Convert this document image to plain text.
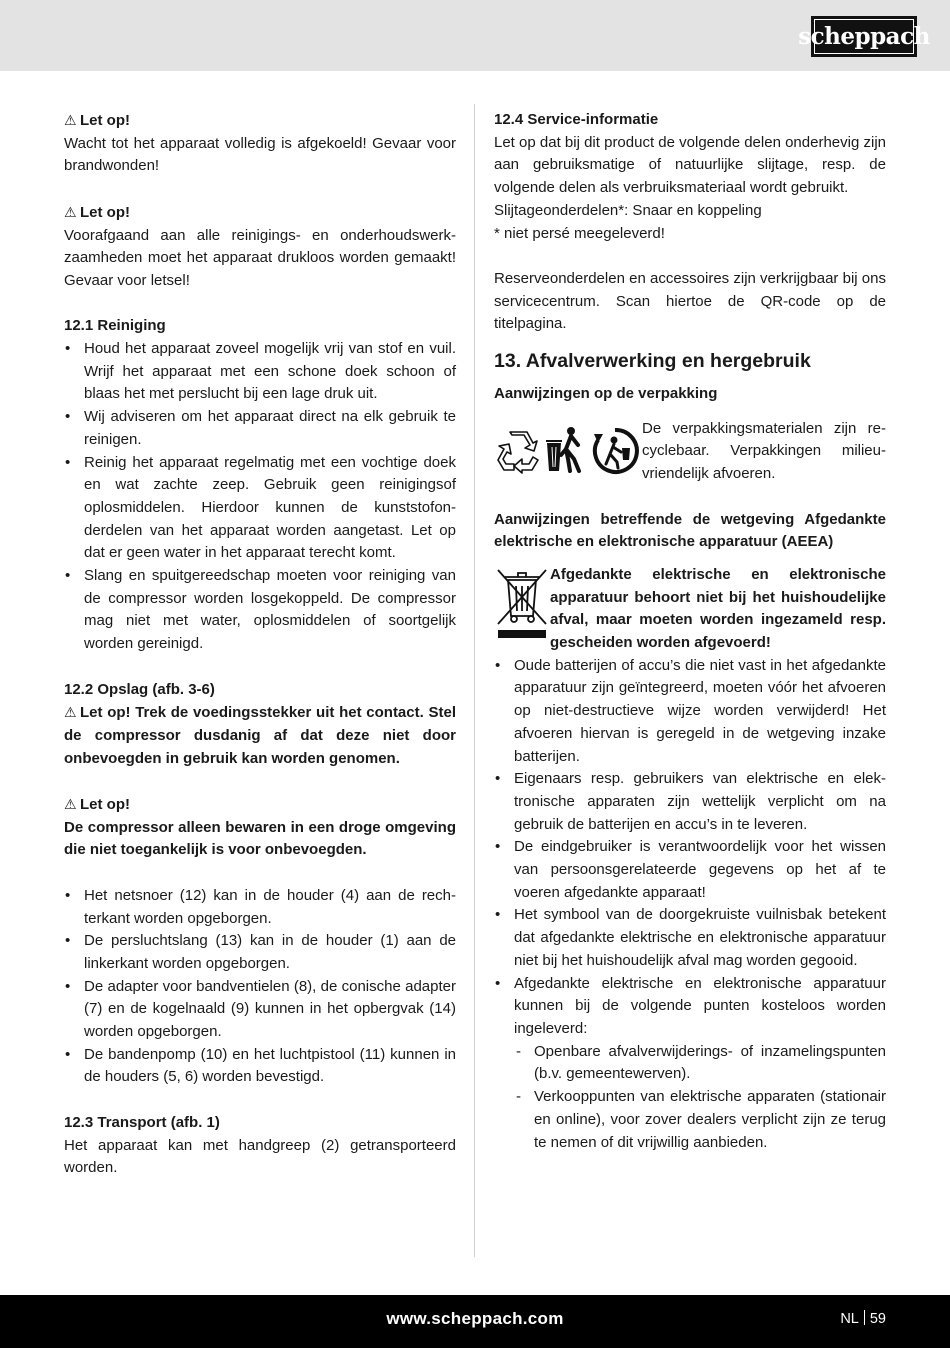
scheppach

⚠ Let op!

Wacht tot het apparaat volledig is afgekoeld! Gevaar voor brandwonden!

⚠ Let op!

Voorafgaand aan alle reinigings- en onderhoudswerkzaamheden moet het apparaat drukloos worden gemaakt! Gevaar voor letsel!

12.1 Reiniging

• Houd het apparaat zoveel mogelijk vrij van stof en vuil. Wrijf het apparaat met een schone doek schoon of blaas het met perslucht bij een lage druk uit.
• Wij adviseren om het apparaat direct na elk gebruik te reinigen.
• Reinig het apparaat regelmatig met een vochtige doek en wat zachte zeep. Gebruik geen reinigingsof oplosmiddelen. Hierdoor kunnen de kunststofonderdelen van het apparaat worden aangetast. Let op dat er geen water in het apparaat terecht komt.
• Slang en spuitgereedschap moeten voor reiniging van de compressor worden losgekoppeld. De compressor mag niet met water, oplosmiddelen of soortgelijk worden gereinigd.

12.2 Opslag (afb. 3-6)

⚠ Let op! Trek de voedingsstekker uit het contact. Stel de compressor dusdanig af dat deze niet door onbevoegden in gebruik kan worden genomen.

⚠ Let op!

De compressor alleen bewaren in een droge omgeving die niet toegankelijk is voor onbevoegden.

• Het netsnoer (12) kan in de houder (4) aan de rechterkant worden opgeborgen.
• De persluchtslang (13) kan in de houder (1) aan de linkerkant worden opgeborgen.
• De adapter voor bandventielen (8), de conische adapter (7) en de kogelnaald (9) kunnen in het opbergvak (14) worden opgeborgen.
• De bandenpomp (10) en het luchtpistool (11) kunnen in de houders (5, 6) worden bevestigd.

12.3 Transport (afb. 1)

Het apparaat kan met handgreep (2) getransporteerd worden.

12.4 Service-informatie

Let op dat bij dit product de volgende delen onderhevig zijn aan gebruiksmatige of natuurlijke slijtage, resp. de volgende delen als verbruiksmateriaal wordt gebruikt.

Slijtageonderdelen*: Snaar en koppeling

* niet persé meegeleverd!

Reserveonderdelen en accessoires zijn verkrijgbaar bij ons servicecentrum. Scan hiertoe de QR-code op de titelpagina.

13. Afvalverwerking en hergebruik

Aanwijzingen op de verpakking

De verpakkingsmaterialen zijn recyclebaar. Verpakkingen milieuvriendelijk afvoeren.

Aanwijzingen betreffende de wetgeving Afgedankte elektrische en elektronische apparatuur (AEEA)

Afgedankte elektrische en elektronische apparatuur behoort niet bij het huishoudelijke afval, maar moeten worden ingezameld resp. gescheiden worden afgevoerd!

• Oude batterijen of accu’s die niet vast in het afgedankte apparatuur zijn geïntegreerd, moeten vóór het afvoeren op niet-destructieve wijze worden verwijderd! Het afvoeren hiervan is geregeld in de wetgeving inzake batterijen.
• Eigenaars resp. gebruikers van elektrische en elektronische apparaten zijn wettelijk verplicht om na gebruik de batterijen en accu’s in te leveren.
• De eindgebruiker is verantwoordelijk voor het wissen van persoonsgerelateerde gegevens op het af te voeren afgedankte apparaat!
• Het symbool van de doorgekruiste vuilnisbak betekent dat afgedankte elektrische en elektronische apparatuur niet bij het huishoudelijk afval mag worden gegooid.
• Afgedankte elektrische en elektronische apparatuur kunnen bij de volgende punten kosteloos worden ingeleverd:
- Openbare afvalverwijderings- of inzamelingspunten (b.v. gemeentewerven).
- Verkooppunten van elektrische apparaten (stationair en online), voor zover dealers verplicht zijn ze terug te nemen of dit vrijwillig aanbieden.
www.scheppach.com	NL 59
